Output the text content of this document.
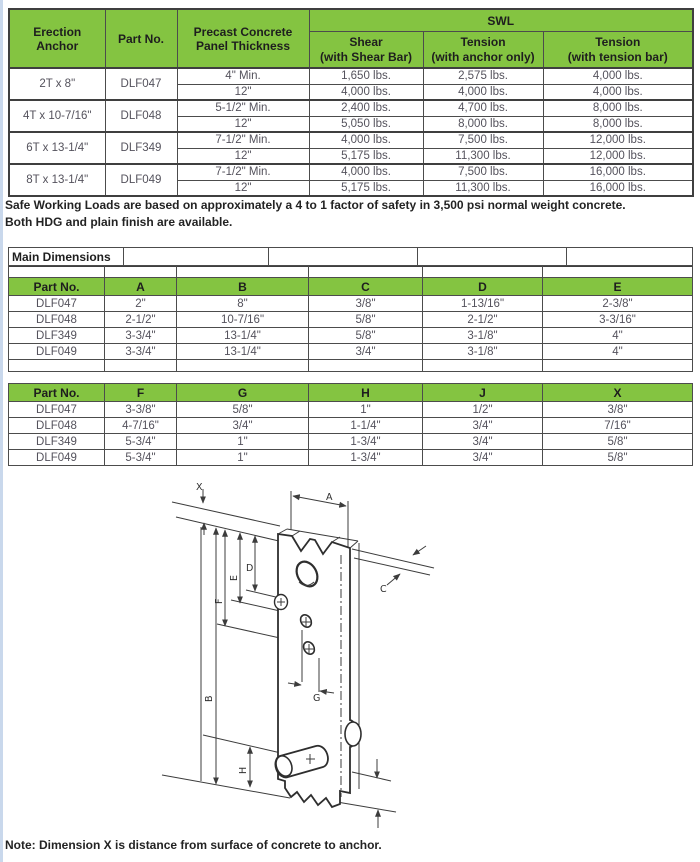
Erection
Anchor	Part No.	Precast Concrete
Panel Thickness
	SWL

Shear
(with Shear Bar)

Tension
(with anchor only)

Tension
(with tension bar)

2T x 8"	DLF047	4" Min.	1,650 lbs.	2,575 lbs.	4,000 lbs.
		12"	4,000 lbs.	4,000 lbs.	4,000 lbs.
4T x 10-7/16"	DLF048	5-1/2" Min.	2,400 lbs.	4,700 lbs.	8,000 lbs.
		12"	5,050 lbs.	8,000 lbs.	8,000 lbs.
6T x 13-1/4"	DLF349	7-1/2" Min.	4,000 lbs.	7,500 lbs.	12,000 lbs.
		12"	5,175 lbs.	11,300 lbs.	12,000 lbs.
8T x 13-1/4"	DLF049	7-1/2" Min.	4,000 lbs.	7,500 lbs.	16,000 lbs.
		12"	5,175 lbs.	11,300 lbs.	16,000 lbs.
Safe Working Loads are based on approximately a 4 to 1 factor of safety in 3,500 psi normal weight concrete.
Both HDG and plain finish are available.
Main Dimensions				

Part No.	A	B	C	D	E
DLF047	2"	8"	3/8"	1-13/16"	2-3/8"
DLF048	2-1/2"	10-7/16"	5/8"	2-1/2"	3-3/16"
DLF349	3-3/4"	13-1/4"	5/8"	3-1/8"	4"
DLF049	3-3/4"	13-1/4"	3/4"	3-1/8"	4"

Part No.	F	G	H	J	X
DLF047	3-3/8"	5/8"	1"	1/2"	3/8"
DLF048	4-7/16"	3/4"	1-1/4"	3/4"	7/16"
DLF349	5-3/4"	1"	1-3/4"	3/4"	5/8"
DLF049	5-3/4"	1"	1-3/4"	3/4"	5/8"
X
A
C
D
E
F
B	G
H
Note: Dimension X is distance from surface of concrete to anchor.
